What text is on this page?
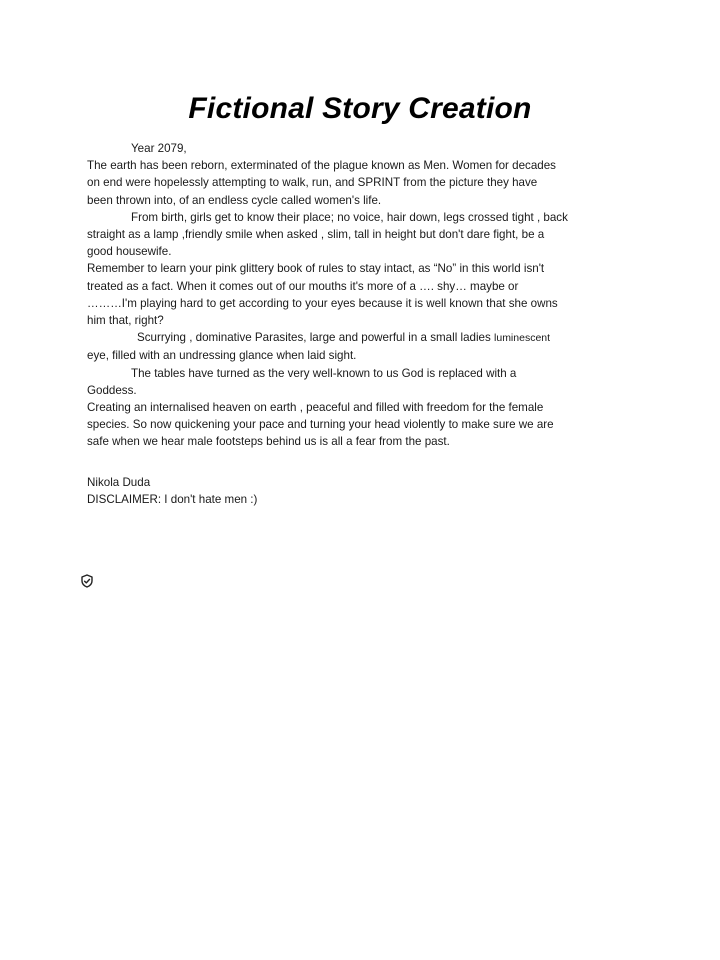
Fictional Story Creation
Year 2079,
The earth has been reborn, exterminated of the plague known as Men. Women for decades
on end were hopelessly attempting to walk, run, and SPRINT from the picture they have
been thrown into, of an endless cycle called women's life.
From birth, girls get to know their place; no voice, hair down, legs crossed tight , back
straight as a lamp ,friendly smile when asked , slim, tall in height but don't dare fight, be a
good housewife.
Remember to learn your pink glittery book of rules to stay intact, as “No” in this world isn't
treated as a fact. When it comes out of our mouths it's more of a …. shy… maybe or
………I'm playing hard to get according to your eyes because it is well known that she owns
him that, right?
Scurrying , dominative Parasites, large and powerful in a small ladies luminescent
eye, filled with an undressing glance when laid sight.
The tables have turned as the very well-known to us God is replaced with a
Goddess.
Creating an internalised heaven on earth , peaceful and filled with freedom for the female
species. So now quickening your pace and turning your head violently to make sure we are
safe when we hear male footsteps behind us is all a fear from the past.
Nikola Duda
DISCLAIMER: I don't hate men :)
